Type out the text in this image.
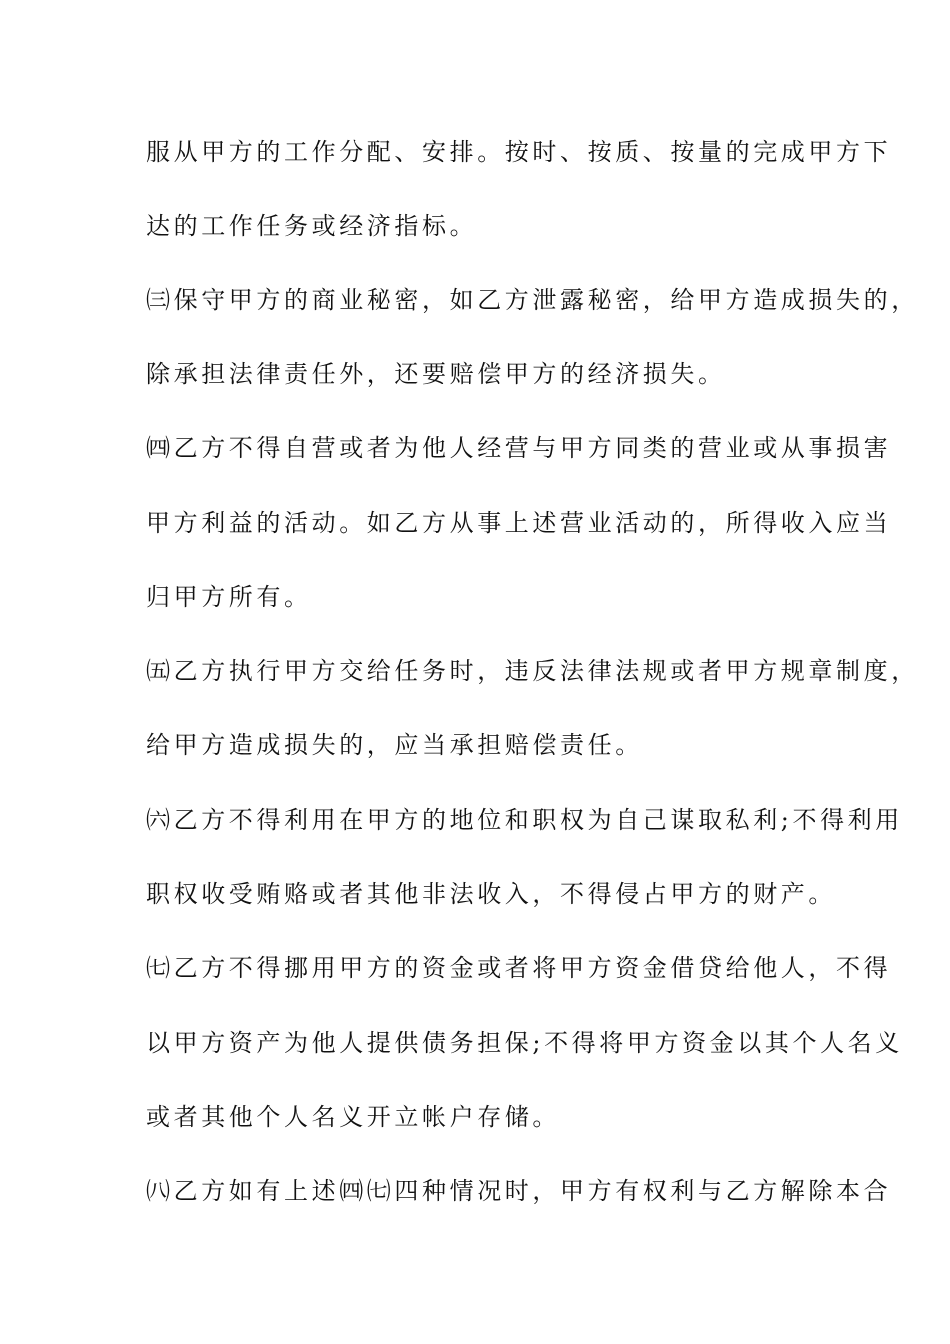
服从甲方的工作分配、安排。按时、按质、按量的完成甲方下
达的工作任务或经济指标。
㈢保守甲方的商业秘密，如乙方泄露秘密，给甲方造成损失的，
除承担法律责任外，还要赔偿甲方的经济损失。
㈣乙方不得自营或者为他人经营与甲方同类的营业或从事损害
甲方利益的活动。如乙方从事上述营业活动的，所得收入应当
归甲方所有。
㈤乙方执行甲方交给任务时，违反法律法规或者甲方规章制度，
给甲方造成损失的，应当承担赔偿责任。
㈥乙方不得利用在甲方的地位和职权为自己谋取私利;不得利用
职权收受贿赂或者其他非法收入，不得侵占甲方的财产。
㈦乙方不得挪用甲方的资金或者将甲方资金借贷给他人，不得
以甲方资产为他人提供债务担保;不得将甲方资金以其个人名义
或者其他个人名义开立帐户存储。
㈧乙方如有上述㈣㈦四种情况时，甲方有权利与乙方解除本合
